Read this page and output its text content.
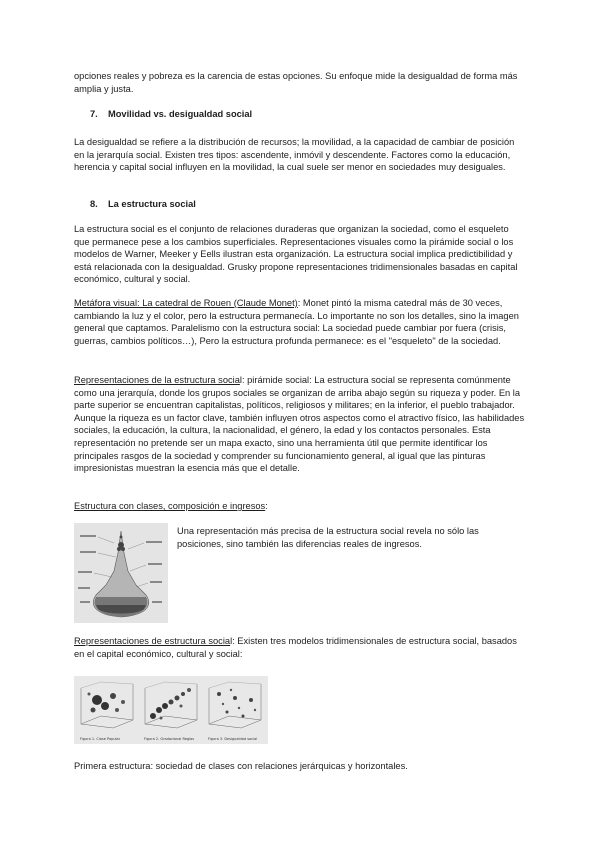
opciones reales y pobreza es la carencia de estas opciones. Su enfoque mide la desigualdad de forma más amplia y justa.

7. Movilidad vs. desigualdad social

La desigualdad se refiere a la distribución de recursos; la movilidad, a la capacidad de cambiar de posición en la jerarquía social. Existen tres tipos: ascendente, inmóvil y descendente. Factores como la educación, herencia y capital social influyen en la movilidad, la cual suele ser menor en sociedades muy desiguales.

8. La estructura social

La estructura social es el conjunto de relaciones duraderas que organizan la sociedad, como el esqueleto que permanece pese a los cambios superficiales. Representaciones visuales como la pirámide social o los modelos de Warner, Meeker y Eells ilustran esta organización. La estructura social implica predictibilidad y está relacionada con la desigualdad. Grusky propone representaciones tridimensionales basadas en capital económico, cultural y social.

Metáfora visual: La catedral de Rouen (Claude Monet): Monet pintó la misma catedral más de 30 veces, cambiando la luz y el color, pero la estructura permanecía. Lo importante no son los detalles, sino la imagen general que captamos. Paralelismo con la estructura social: La sociedad puede cambiar por fuera (crisis, guerras, cambios políticos…), Pero la estructura profunda permanece: es el "esqueleto" de la sociedad.

Representaciones de la estructura social: pirámide social: La estructura social se representa comúnmente como una jerarquía, donde los grupos sociales se organizan de arriba abajo según su riqueza y poder. En la parte superior se encuentran capitalistas, políticos, religiosos y militares; en la inferior, el pueblo trabajador. Aunque la riqueza es un factor clave, también influyen otros aspectos como el atractivo físico, las habilidades sociales, la educación, la cultura, la nacionalidad, el género, la edad y los contactos personales. Esta representación no pretende ser un mapa exacto, sino una herramienta útil que permite identificar los principales rasgos de la sociedad y comprender su funcionamiento general, al igual que las pinturas impresionistas muestran la esencia más que el detalle.

Estructura con clases, composición e ingresos:

Una representación más precisa de la estructura social revela no sólo las posiciones, sino también las diferencias reales de ingresos.

Representaciones de estructura social: Existen tres modelos tridimensionales de estructura social, basados en el capital económico, cultural y social:

Figura 1. Clase Popular	Figura 2. Gradacional Reglas	Figura 3. Desigualdad social

Primera estructura: sociedad de clases con relaciones jerárquicas y horizontales.
